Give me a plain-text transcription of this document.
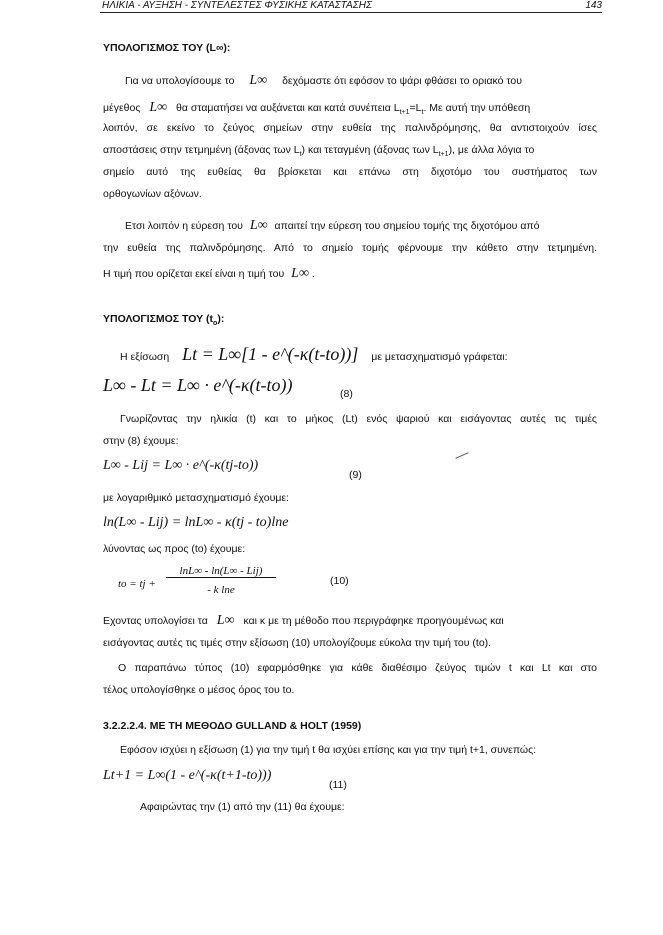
ΗΛΙΚΙΑ - ΑΥΞΗΣΗ - ΣΥΝΤΕΛΕΣΤΕΣ ΦΥΣΙΚΗΣ ΚΑΤΑΣΤΑΣΗΣ	143
ΥΠΟΛΟΓΙΣΜΟΣ ΤΟΥ (L∞):
Για να υπολογίσουμε το L∞ δεχόμαστε ότι εφόσον το ψάρι φθάσει το οριακό του
μέγεθος L∞ θα σταματήσει να αυξάνεται και κατά συνέπεια $L_{t+1}=L_t$. Με αυτή την υπόθεση
λοιπόν, σε εκείνο το ζεύγος σημείων στην ευθεία της παλινδρόμησης, θα αντιστοιχούν ίσες
αποστάσεις στην τετμημένη (άξονας των $L_t$) και τεταγμένη (άξονας των $L_{t+1}$), με άλλα λόγια το
σημείο αυτό της ευθείας θα βρίσκεται και επάνω στη διχοτόμο του συστήματος των
ορθογωνίων αξόνων.
Ετσι λοιπόν η εύρεση του L∞ απαιτεί την εύρεση του σημείου τομής της διχοτόμου από
την ευθεία της παλινδρόμησης. Από το σημείο τομής φέρνουμε την κάθετο στην τετμημένη.
Η τιμή που ορίζεται εκεί είναι η τιμή του L∞ .
ΥΠΟΛΟΓΙΣΜΟΣ ΤΟΥ $(t_o)$:
Η εξίσωση Lt = L∞[1 - e^(-κ(t-to))] με μετασχηματισμό γράφεται:
L∞ - Lt = L∞ · e^(-κ(t-to))	(8)
Γνωρίζοντας την ηλικία (t) και το μήκος (Lt) ενός ψαριού και εισάγοντας αυτές τις τιμές
στην (8) έχουμε:
L∞ - Lij = L∞ · e^(-κ(tj-to))
(9)
με λογαριθμικό μετασχηματισμό έχουμε:
ln(L∞ - Lij) = lnL∞ - κ(tj - to)lne
λύνοντας ως προς (to) έχουμε:
to = tj +
lnL∞ - ln(L∞ - Lij)
- k lne
(10)
Εχοντας υπολογίσει τα L∞ και κ με τη μέθοδο που περιγράφηκε προηγουμένως και
εισάγοντας αυτές τις τιμές στην εξίσωση (10) υπολογίζουμε εύκολα την τιμή του (to).
Ο παραπάνω τύπος (10) εφαρμόσθηκε για κάθε διαθέσιμο ζεύγος τιμών t και Lt και στο
τέλος υπολογίσθηκε ο μέσος όρος του to.
3.2.2.2.4. ΜΕ ΤΗ ΜΕΘΟΔΟ GULLAND & HOLT (1959)
Εφόσον ισχύει η εξίσωση (1) για την τιμή t θα ισχύει επίσης και για την τιμή t+1, συνεπώς:
Lt+1 = L∞(1 - e^(-κ(t+1-to)))
(11)
Αφαιρώντας την (1) από την (11) θα έχουμε:
